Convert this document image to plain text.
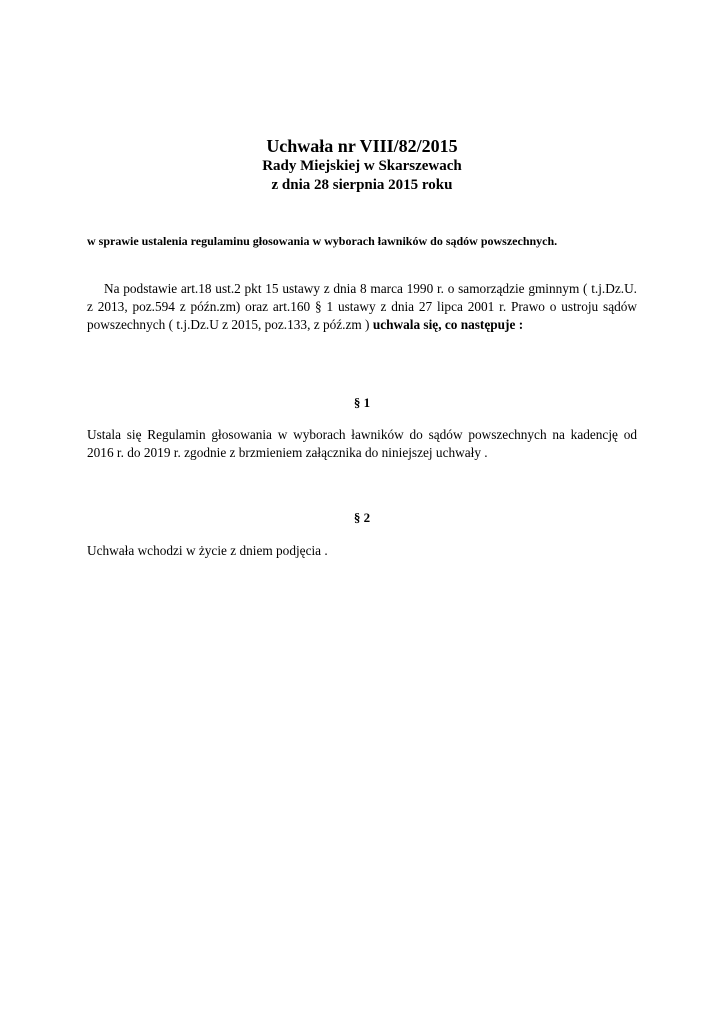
Uchwała nr VIII/82/2015

Rady Miejskiej w Skarszewach

z dnia 28 sierpnia 2015 roku

w sprawie ustalenia regulaminu głosowania w wyborach ławników do sądów powszechnych.

Na podstawie art.18 ust.2 pkt 15 ustawy z dnia 8 marca 1990 r. o samorządzie gminnym ( t.j.Dz.U. z 2013, poz.594 z późn.zm) oraz art.160 § 1 ustawy z dnia 27 lipca 2001 r. Prawo o ustroju sądów powszechnych ( t.j.Dz.U z 2015, poz.133, z póź.zm ) uchwala się, co następuje :

§ 1

Ustala się Regulamin głosowania w wyborach ławników do sądów powszechnych na kadencję od 2016 r. do 2019 r. zgodnie z brzmieniem załącznika do niniejszej uchwały .

§ 2

Uchwała wchodzi w życie z dniem podjęcia .
